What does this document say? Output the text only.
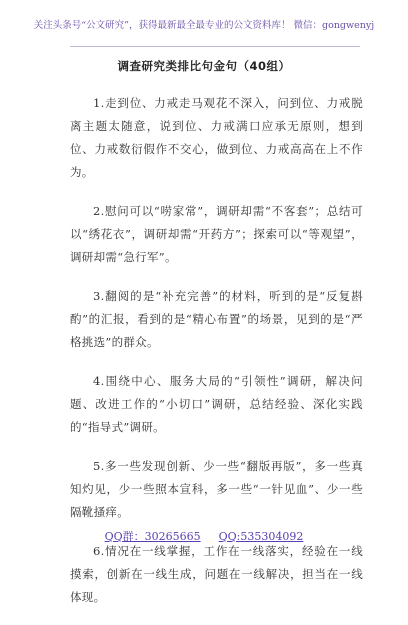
关注头条号“公文研究”，获得最新最全最专业的公文资料库！ 微信：gongwenyj
调查研究类排比句金句（40组）

1.走到位、力戒走马观花不深入，问到位、力戒脱离主题太随意，说到位、力戒满口应承无原则，想到位、力戒数衍假作不交心，做到位、力戒高高在上不作为。

2.慰问可以“唠家常”，调研却需“不客套”；总结可以“绣花衣”，调研却需“开药方”；探索可以“等观望”，调研却需“急行军”。

3.翻阅的是“补充完善”的材料，听到的是“反复斟酌”的汇报，看到的是“精心布置”的场景，见到的是“严格挑选”的群众。

4.围绕中心、服务大局的“引领性”调研，解决问题、改进工作的“小切口”调研，总结经验、深化实践的“指导式”调研。

5.多一些发现创新、少一些“翻版再版”，多一些真知灼见，少一些照本宣科，多一些“一针见血”、少一些隔靴搔痒。

6.情况在一线掌握，工作在一线落实，经验在一线摸索，创新在一线生成，问题在一线解决，担当在一线体现。

QQ群：30265665 QQ:535304092
